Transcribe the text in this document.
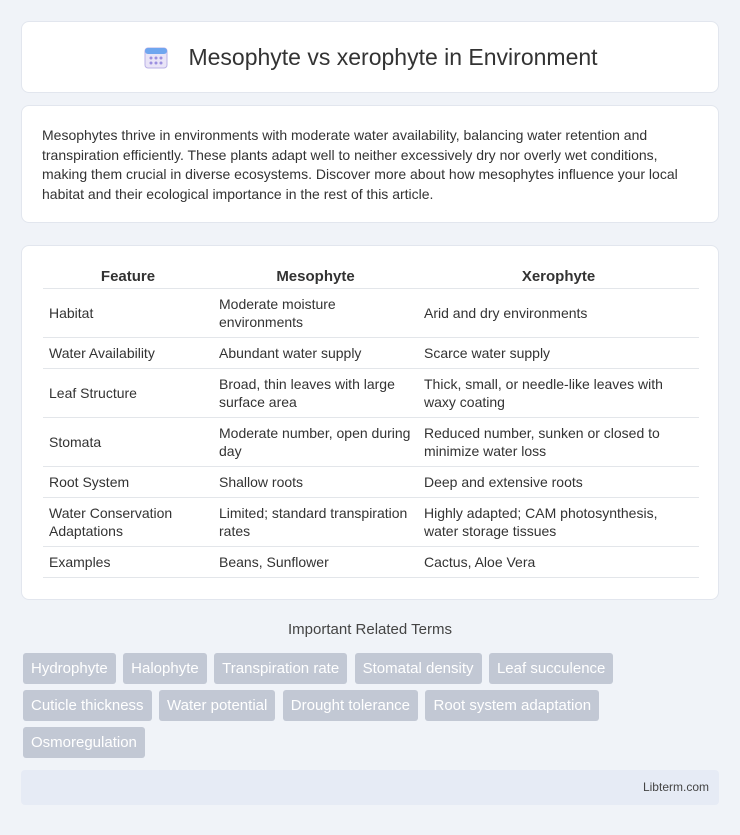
Mesophyte vs xerophyte in Environment

Mesophytes thrive in environments with moderate water availability, balancing water retention and transpiration efficiently. These plants adapt well to neither excessively dry nor overly wet conditions, making them crucial in diverse ecosystems. Discover more about how mesophytes influence your local habitat and their ecological importance in the rest of this article.

Feature	Mesophyte	Xerophyte
Habitat	Moderate moisture environments	Arid and dry environments
Water Availability	Abundant water supply	Scarce water supply
Leaf Structure	Broad, thin leaves with large surface area	Thick, small, or needle-like leaves with waxy coating
Stomata	Moderate number, open during day	Reduced number, sunken or closed to minimize water loss
Root System	Shallow roots	Deep and extensive roots
Water Conservation Adaptations	Limited; standard transpiration rates	Highly adapted; CAM photosynthesis, water storage tissues
Examples	Beans, Sunflower	Cactus, Aloe Vera
Important Related Terms
Hydrophyte Halophyte Transpiration rate Stomatal density Leaf succulence Cuticle thickness Water potential Drought tolerance Root system adaptation Osmoregulation
Libterm.com
